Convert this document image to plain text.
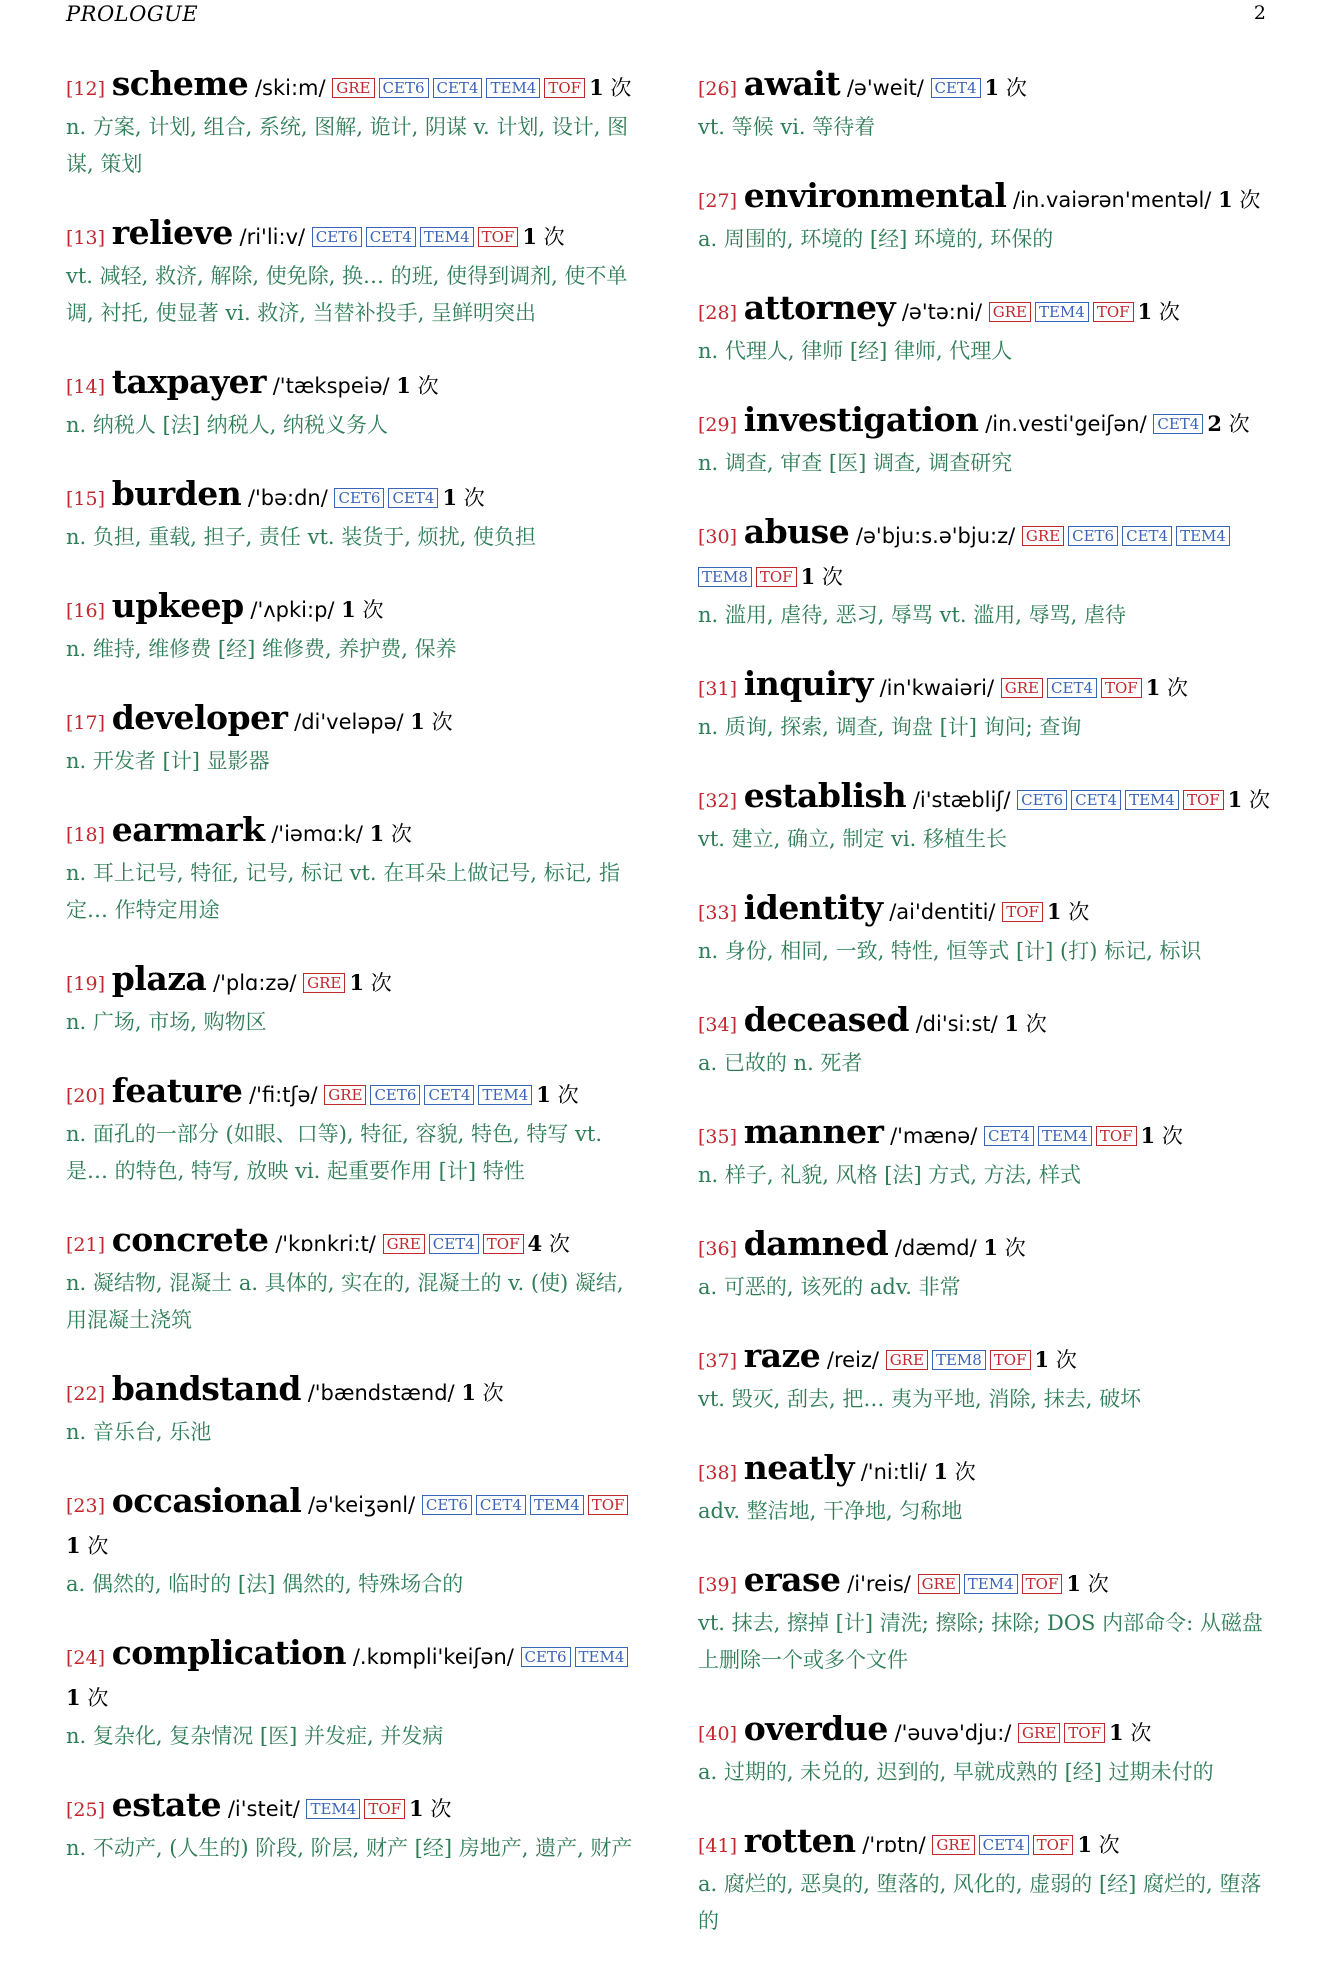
PROLOGUE	2
[12] scheme /ski:m/ GRE CET6 CET4 TEM4 TOF 1 次
n. 方案, 计划, 组合, 系统, 图解, 诡计, 阴谋 v. 计划, 设计, 图谋, 策划
[13] relieve /ri'li:v/ CET6 CET4 TEM4 TOF 1 次
vt. 减轻, 救济, 解除, 使免除, 换… 的班, 使得到调剂, 使不单调, 衬托, 使显著 vi. 救济, 当替补投手, 呈鲜明突出
[14] taxpayer /'tækspeiə/ 1 次
n. 纳税人 [法] 纳税人, 纳税义务人
[15] burden /'bə:dn/ CET6 CET4 1 次
n. 负担, 重载, 担子, 责任 vt. 装货于, 烦扰, 使负担
[16] upkeep /'ʌpki:p/ 1 次
n. 维持, 维修费 [经] 维修费, 养护费, 保养
[17] developer /di'veləpə/ 1 次
n. 开发者 [计] 显影器
[18] earmark /'iəmɑ:k/ 1 次
n. 耳上记号, 特征, 记号, 标记 vt. 在耳朵上做记号, 标记, 指定… 作特定用途
[19] plaza /'plɑ:zə/ GRE 1 次
n. 广场, 市场, 购物区
[20] feature /'fi:tʃə/ GRE CET6 CET4 TEM4 1 次
n. 面孔的一部分 (如眼、口等), 特征, 容貌, 特色, 特写 vt. 是… 的特色, 特写, 放映 vi. 起重要作用 [计] 特性
[21] concrete /'kɒnkri:t/ GRE CET4 TOF 4 次
n. 凝结物, 混凝土 a. 具体的, 实在的, 混凝土的 v. (使) 凝结, 用混凝土浇筑
[22] bandstand /'bændstænd/ 1 次
n. 音乐台, 乐池
[23] occasional /ə'keiʒənl/ CET6 CET4 TEM4 TOF1 次
a. 偶然的, 临时的 [法] 偶然的, 特殊场合的
[24] complication /.kɒmpli'keiʃən/ CET6 TEM41 次
n. 复杂化, 复杂情况 [医] 并发症, 并发病
[25] estate /i'steit/ TEM4 TOF 1 次
n. 不动产, (人生的) 阶段, 阶层, 财产 [经] 房地产, 遗产, 财产
[26] await /ə'weit/ CET4 1 次
vt. 等候 vi. 等待着
[27] environmental /in.vaiərən'mentəl/ 1 次
a. 周围的, 环境的 [经] 环境的, 环保的
[28] attorney /ə'tə:ni/ GRE TEM4 TOF 1 次
n. 代理人, 律师 [经] 律师, 代理人
[29] investigation /in.vesti'geiʃən/ CET4 2 次
n. 调查, 审查 [医] 调查, 调查研究
[30] abuse /ə'bju:s.ə'bju:z/ GRE CET6 CET4 TEM4TEM8 TOF 1 次
n. 滥用, 虐待, 恶习, 辱骂 vt. 滥用, 辱骂, 虐待
[31] inquiry /in'kwaiəri/ GRE CET4 TOF 1 次
n. 质询, 探索, 调查, 询盘 [计] 询问; 查询
[32] establish /i'stæbliʃ/ CET6 CET4 TEM4 TOF 1 次
vt. 建立, 确立, 制定 vi. 移植生长
[33] identity /ai'dentiti/ TOF 1 次
n. 身份, 相同, 一致, 特性, 恒等式 [计] (打) 标记, 标识
[34] deceased /di'si:st/ 1 次
a. 已故的 n. 死者
[35] manner /'mænə/ CET4 TEM4 TOF 1 次
n. 样子, 礼貌, 风格 [法] 方式, 方法, 样式
[36] damned /dæmd/ 1 次
a. 可恶的, 该死的 adv. 非常
[37] raze /reiz/ GRE TEM8 TOF 1 次
vt. 毁灭, 刮去, 把… 夷为平地, 消除, 抹去, 破坏
[38] neatly /'ni:tli/ 1 次
adv. 整洁地, 干净地, 匀称地
[39] erase /i'reis/ GRE TEM4 TOF 1 次
vt. 抹去, 擦掉 [计] 清洗; 擦除; 抹除; DOS 内部命令: 从磁盘上删除一个或多个文件
[40] overdue /'əuvə'dju:/ GRE TOF 1 次
a. 过期的, 未兑的, 迟到的, 早就成熟的 [经] 过期未付的
[41] rotten /'rɒtn/ GRE CET4 TOF 1 次
a. 腐烂的, 恶臭的, 堕落的, 风化的, 虚弱的 [经] 腐烂的, 堕落的
